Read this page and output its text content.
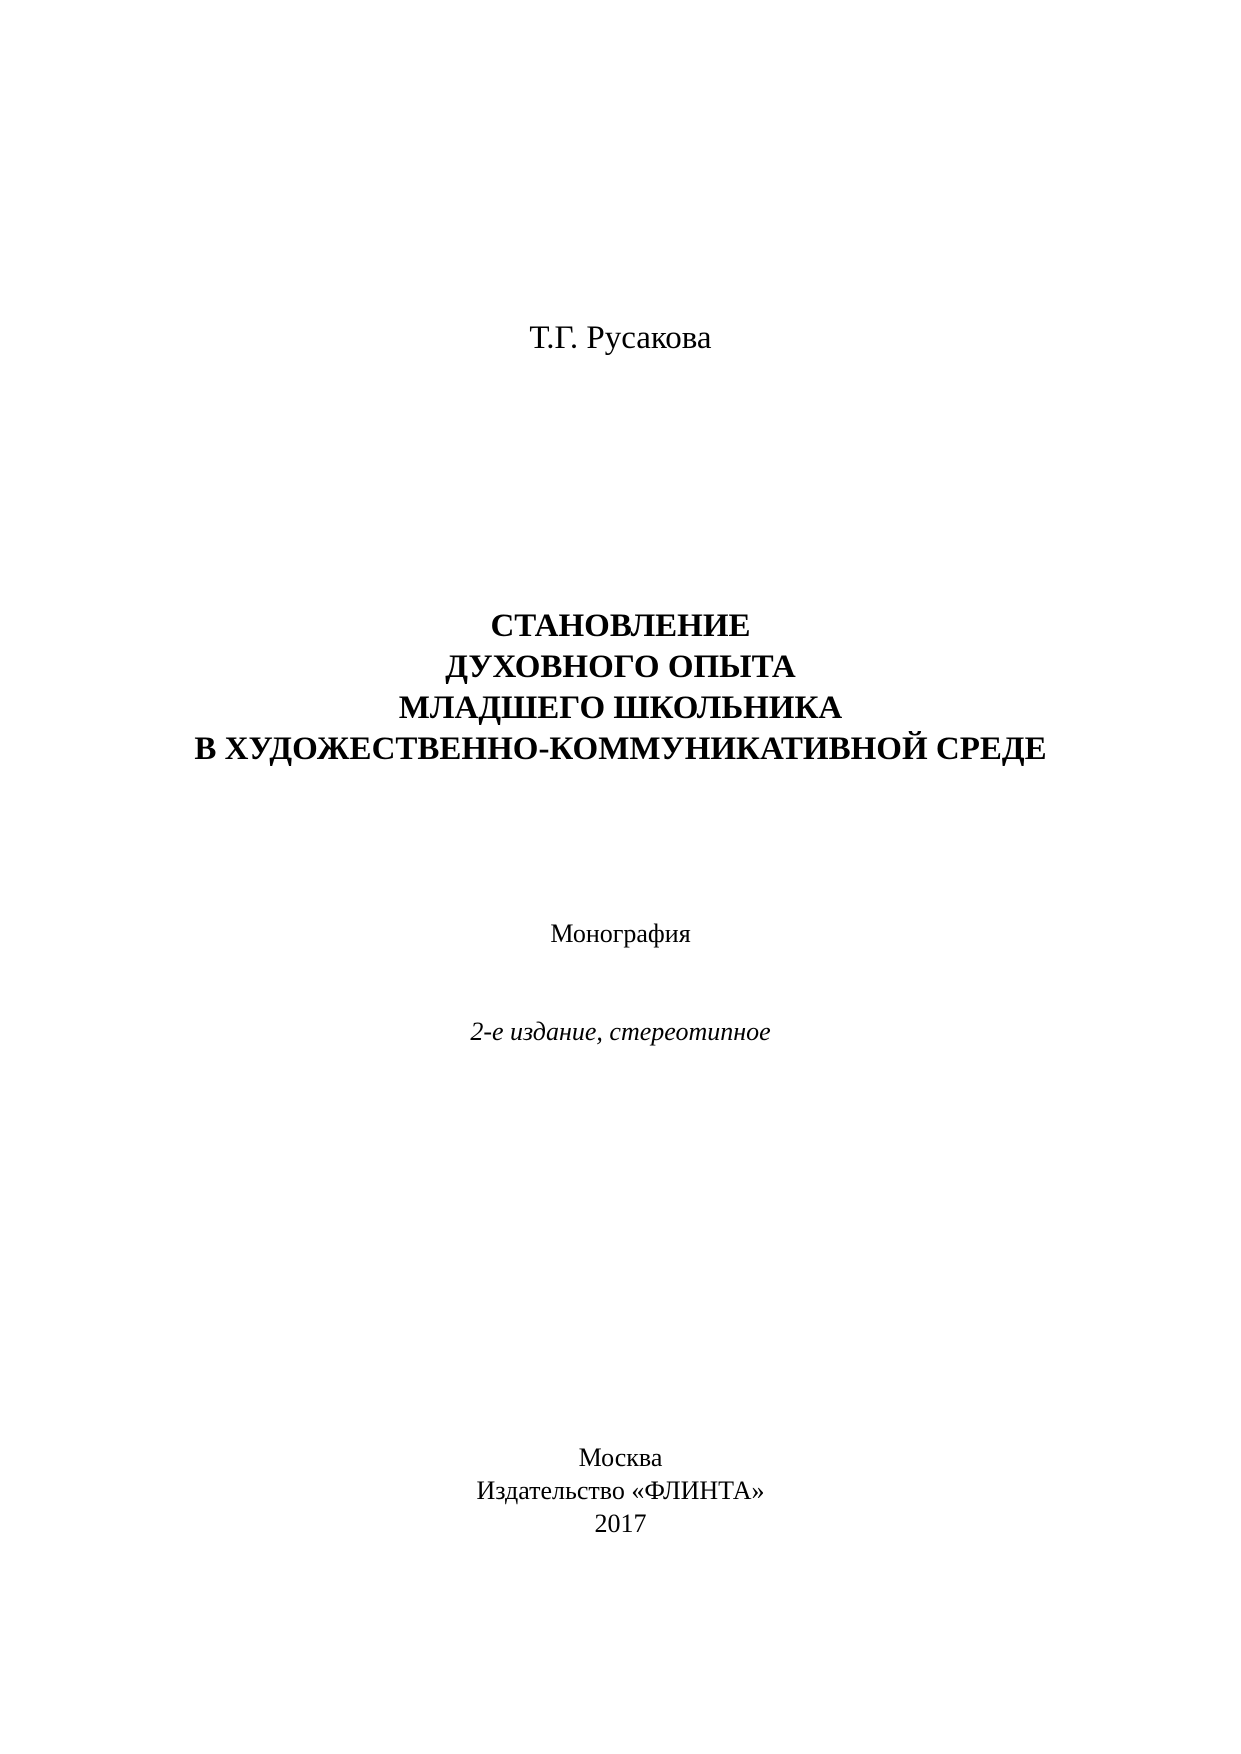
Т.Г. Русакова

СТАНОВЛЕНИЕ
ДУХОВНОГО ОПЫТА
МЛАДШЕГО ШКОЛЬНИКА
В ХУДОЖЕСТВЕННО-КОММУНИКАТИВНОЙ СРЕДЕ

Монография

2-е издание, стереотипное

Москва
Издательство «ФЛИНТА»
2017
